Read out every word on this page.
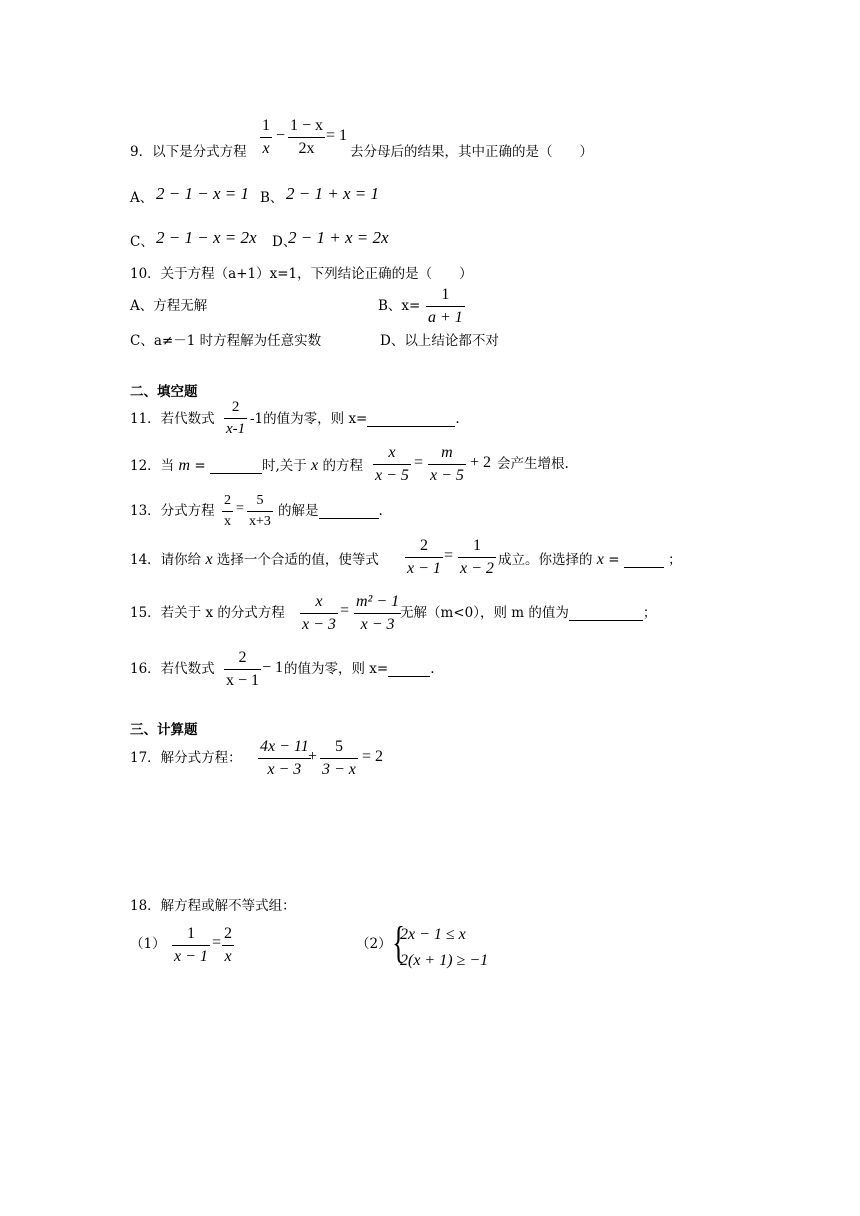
1
x
−
1 − x
2x
= 1
9．以下是分式方程	去分母后的结果，其中正确的是（　　）
A、 2 − 1 − x = 1 B、 2 − 1 + x = 1
C、 2 − 1 − x = 2x D、
2 − 1 + x = 2x
10．关于方程（a+1）x=1，下列结论正确的是（　　）
A、方程无解	B、x=
1
a + 1
C、a≠－1 时方程解为任意实数	D、以上结论都不对
二、填空题
11．若代数式
2
x-1
-1的值为零，则 x=	.
12．当 m =	时,关于 x 的方程
x
x − 5
=
m
x − 5
+ 2 会产生增根.
13．分式方程
2
x
=
5
x+3
的解是	.
14．请你给 x 选择一个合适的值，使等式
2
x − 1
=
1
x − 2 成立。你选择的 x =	；
15．若关于 x 的分式方程
x
x − 3
=
m² − 1
x − 3
无解（m<0），则 m 的值为	；
16．若代数式
2
x − 1
− 1 的值为零，则 x=	.
三、计算题
17．解分式方程：
4x − 11
x − 3
+
5
3 − x
= 2
18．解方程或解不等式组：
（1）
1
x − 1
=
2
x
（2） {
2x − 1 ≤ x
2(x + 1) ≥ −1
